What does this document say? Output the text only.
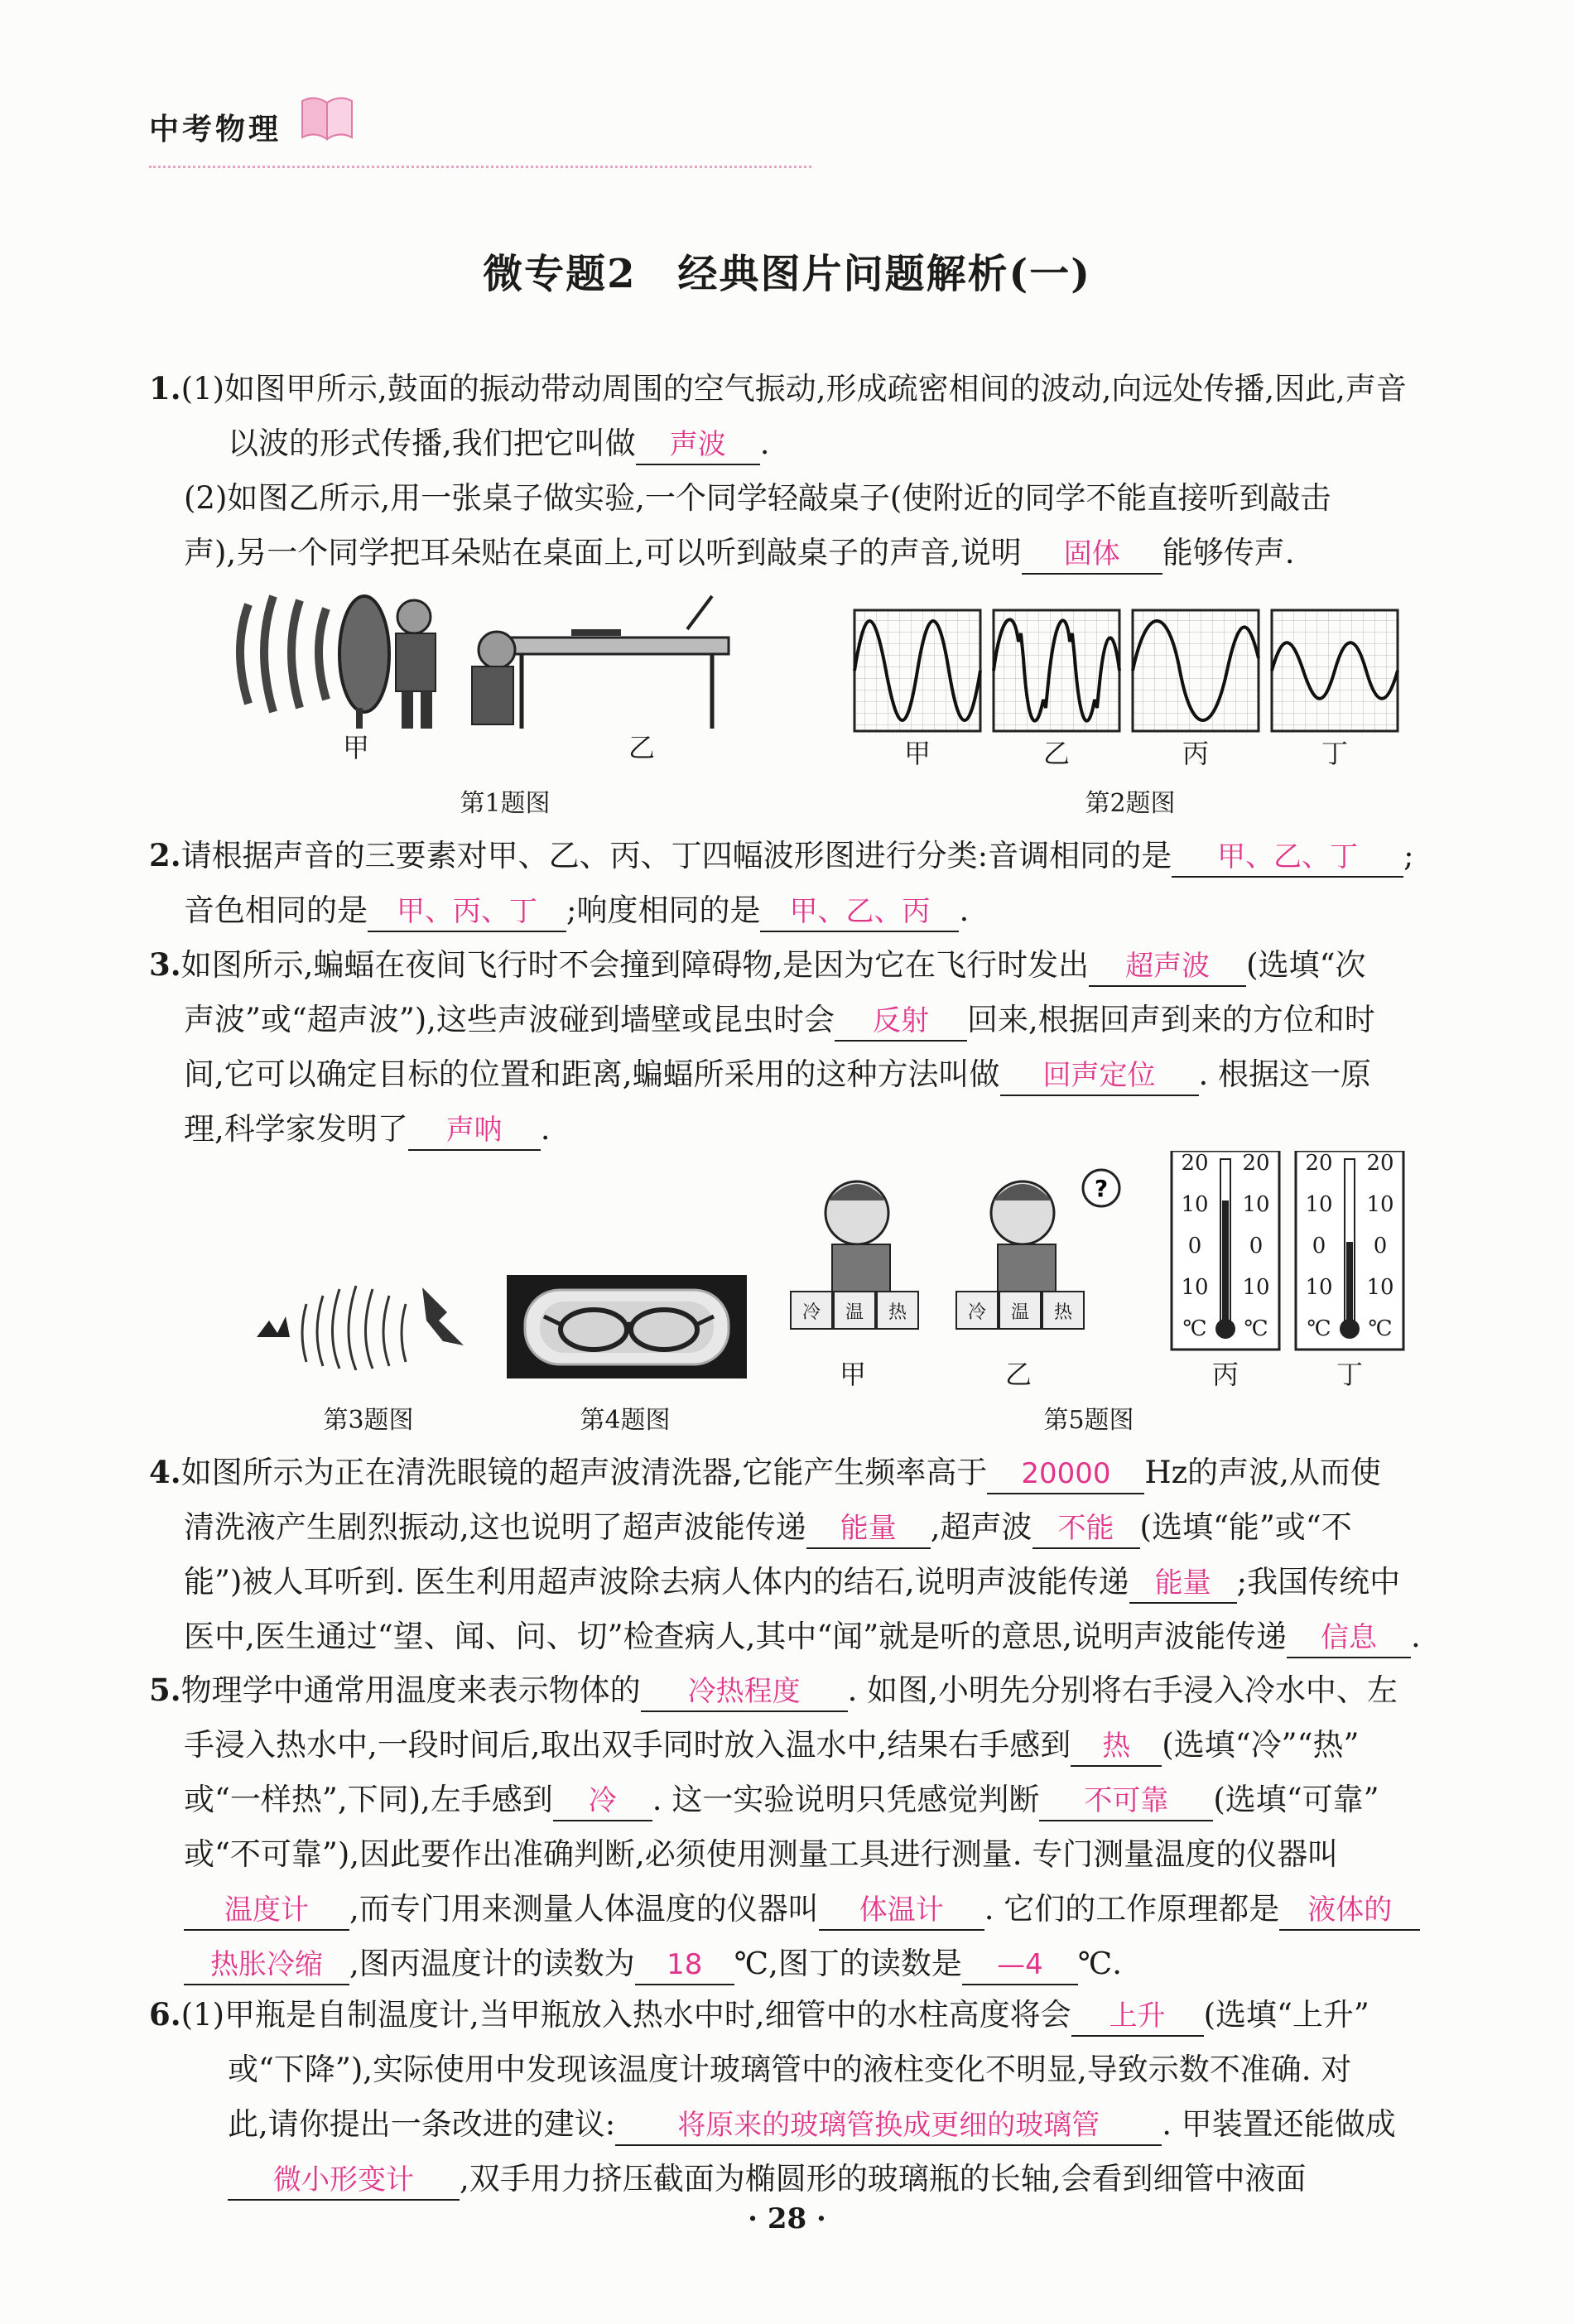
中考物理
微专题2　经典图片问题解析(一)
1.(1)如图甲所示,鼓面的振动带动周围的空气振动,形成疏密相间的波动,向远处传播,因此,声音
以波的形式传播,我们把它叫做 声波 .
(2)如图乙所示,用一张桌子做实验,一个同学轻敲桌子(使附近的同学不能直接听到敲击
声),另一个同学把耳朵贴在桌面上,可以听到敲桌子的声音,说明 固体 能够传声.
甲	乙
第1题图
甲	乙	丙	丁
第2题图
2.请根据声音的三要素对甲、乙、丙、丁四幅波形图进行分类:音调相同的是 甲、乙、丁 ;
音色相同的是 甲、丙、丁 ;响度相同的是 甲、乙、丙 .
3.如图所示,蝙蝠在夜间飞行时不会撞到障碍物,是因为它在飞行时发出 超声波 (选填“次
声波”或“超声波”),这些声波碰到墙壁或昆虫时会 反射 回来,根据回声到来的方位和时
间,它可以确定目标的位置和距离,蝙蝠所采用的这种方法叫做 回声定位 . 根据这一原
理,科学家发明了 声呐 .
第3题图	第4题图
?
冷 温 热	冷 温 热
20	20
10	10
0	0
10	10
℃	℃
20	20
10	10
0	0
10	10
℃	℃
甲	乙	丙	丁
第5题图
4.如图所示为正在清洗眼镜的超声波清洗器,它能产生频率高于 20000 Hz的声波,从而使
清洗液产生剧烈振动,这也说明了超声波能传递 能量 ,超声波 不能 (选填“能”或“不
能”)被人耳听到. 医生利用超声波除去病人体内的结石,说明声波能传递 能量 ;我国传统中
医中,医生通过“望、闻、问、切”检查病人,其中“闻”就是听的意思,说明声波能传递 信息 .
5.物理学中通常用温度来表示物体的 冷热程度 . 如图,小明先分别将右手浸入冷水中、左
手浸入热水中,一段时间后,取出双手同时放入温水中,结果右手感到 热 (选填“冷”“热”
或“一样热”,下同),左手感到 冷 . 这一实验说明只凭感觉判断 不可靠 (选填“可靠”
或“不可靠”),因此要作出准确判断,必须使用测量工具进行测量. 专门测量温度的仪器叫
温度计 ,而专门用来测量人体温度的仪器叫 体温计 . 它们的工作原理都是 液体的
热胀冷缩 ,图丙温度计的读数为 18 ℃,图丁的读数是 —4 ℃.
6.(1)甲瓶是自制温度计,当甲瓶放入热水中时,细管中的水柱高度将会 上升 (选填“上升”
或“下降”),实际使用中发现该温度计玻璃管中的液柱变化不明显,导致示数不准确. 对
此,请你提出一条改进的建议: 将原来的玻璃管换成更细的玻璃管 . 甲装置还能做成
微小形变计 ,双手用力挤压截面为椭圆形的玻璃瓶的长轴,会看到细管中液面
· 28 ·
